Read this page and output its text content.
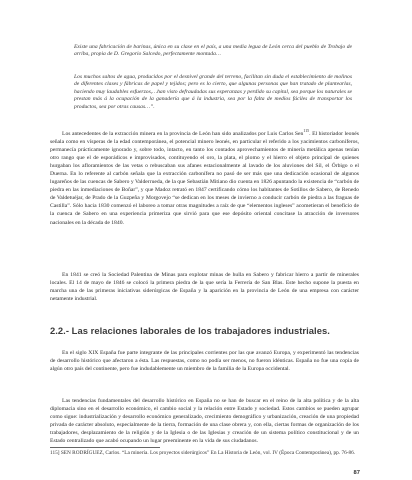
Existe una fabricación de barinas, única en su clase en el país, a una media legua de León cerca del pueblo de Trobajo de arriba, propia de D. Gregorio Salcedo, perfectamente montada…
Los muchos saltos de agua, producidos por el desnivel grande del terreno, facilitan sin duda el establecimiento de molinos de diferentes clases y fábricas de papel y tejidos; pero es lo cierto, que algunas personas que han tratado de plantearlas, haciendo muy laudables esfuerzos,…han visto defraudadas sus esperanzas y perdido su capital, sea porque los naturales se prestan más á la ocupación de la ganadería que á la industria, sea por la falta de medios fáciles de transportar los productos, sea por otras causas…”.
Los antecedentes de la extracción minera en la provincia de León han sido analizados por Luis Carlos Sen$^{115}$. El historiador leonés señala como en vísperas de la edad contemporánea, el potencial minero leonés, en particular el referido a los yacimientos carboníferos, permanecía prácticamente ignorado y, sobre todo, intacto, en tanto los contados aprovechamientos de minería metálica apenas tenían otro rango que el de esporádicos e improvisados, contituyendo el oro, la plata, el plomo y el hierro el objeto principal de quienes hurgaban los afloramientos de las vetas o rebuscaban sus afanes estacionalmente al lavado de los aluviones del Sil, el Órbigo o el Duerna. En lo referente al carbón señala que la extracción carbonífera no pasó de ser más que una dedicación ocasional de algunos lugareños de las cuencas de Sabero y Valderrueda, de la que Sebastián Mitiano dio cuenta en 1826 apuntando la existencia de “carbón de piedra en las inmediaciones de Boñar”, y que Madoz retrató en 1847 certificando cómo los habitantes de Sotillos de Sabero, de Renedo de Valdetuéjar, de Prado de la Guzpeña y Morgovejo “se dedican en los meses de invierno a conducir carbón de piedra a las fraguas de Castilla”. Sólo hacia 1830 comenzó el laboreo a tomar otras magnitudes a raíz de que “elementos ingleses” acometieran el beneficio de la cuenca de Sabero en una experiencia primeriza que sirvió para que ese depósito oriental concitase la atracción de inversores nacionales en la década de 1840.
En 1841 se creó la Sociedad Palentina de Minas para explotar minas de hulla en Sabero y fabricar hierro a partir de minerales locales. El 14 de mayo de 1846 se colocó la primera piedra de la que sería la Ferrería de San Blas. Este hecho supone la puesta en marcha una de las primeras iniciativas siderúrgicas de España y la aparición en la provincia de León de una empresa con carácter netamente industrial.
2.2.- Las relaciones laborales de los trabajadores industriales.
En el siglo XIX España fue parte integrante de las principales corrientes por las que avanzó Europa, y experimentó las tendencias de desarrollo histórico que afectaron a ésta. Las respuestas, como no podía ser menos, no fueron idénticas. España no fue una copia de algún otro país del continente, pero fue indudablemente un miembro de la familia de la Europa occidental.
Las tendencias fundamentales del desarrollo histórico en España no se han de buscar en el reino de la alta política y de la alta diplomacia sino en el desarrollo económico, el cambio social y la relación entre Estado y sociedad. Estos cambios se pueden agrupar como sigue: industrialización y desarrollo económico generalizado, crecimiento demográfico y urbanización, creación de una propiedad privada de carácter absoluto, especialmente de la tierra, formación de una clase obrera y, con ella, ciertas formas de organización de los trabajadores, desplazamiento de la religión y de la Iglesia o de las Iglesias y creación de un sistema político constitucional y de un Estado centralizado que acabó ocupando un lugar preeminente en la vida de sus ciudadanos.
115] SEN RODRÍGUEZ, Carlos. “La minería. Los proyectos siderúrgicos” En La Historia de León, vol. IV (Época Contemporánea), pp. 76-86.
87
